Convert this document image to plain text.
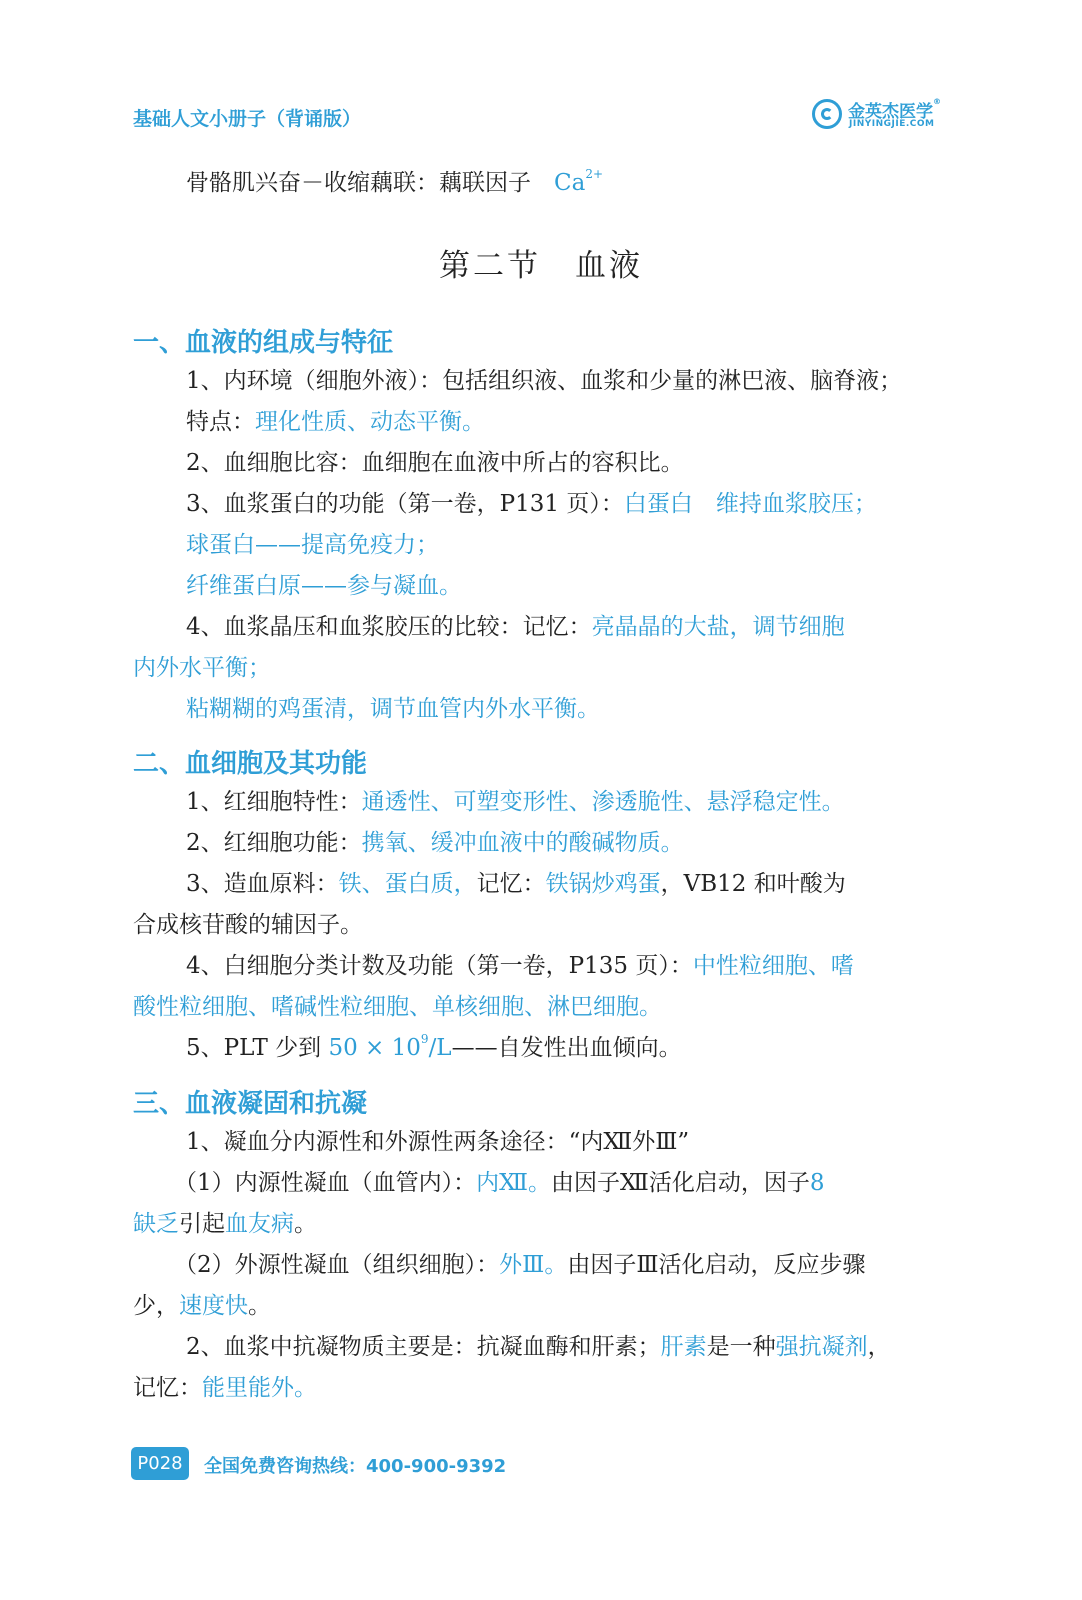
基础人文小册子（背诵版）	金英杰医学®
JINYINGJIE.COM
骨骼肌兴奋－收缩藕联：藕联因子　 $Ca^{2+}$
第二节　血液
一、血液的组成与特征
1、内环境（细胞外液）：包括组织液、血浆和少量的淋巴液、脑脊液；
特点：理化性质、动态平衡。
2、血细胞比容：血细胞在血液中所占的容积比。
3、血浆蛋白的功能（第一卷，P131 页）：白蛋白　维持血浆胶压；
球蛋白——提高免疫力；
纤维蛋白原——参与凝血。
4、血浆晶压和血浆胶压的比较：记忆：亮晶晶的大盐，调节细胞
内外水平衡；
粘糊糊的鸡蛋清，调节血管内外水平衡。
二、血细胞及其功能
1、红细胞特性：通透性、可塑变形性、渗透脆性、悬浮稳定性。
2、红细胞功能：携氧、缓冲血液中的酸碱物质。
3、造血原料：铁、蛋白质，记忆：铁锅炒鸡蛋，VB12 和叶酸为
合成核苷酸的辅因子。
4、白细胞分类计数及功能（第一卷，P135 页）：中性粒细胞、嗜
酸性粒细胞、嗜碱性粒细胞、单核细胞、淋巴细胞。
5、PLT 少到 $50 \times 10^9/L——$自发性出血倾向。
三、血液凝固和抗凝
1、凝血分内源性和外源性两条途径：“内Ⅻ外Ⅲ”
（1）内源性凝血（血管内）：内Ⅻ。由因子Ⅻ活化启动，因子8
缺乏引起血友病。
（2）外源性凝血（组织细胞）：外Ⅲ。由因子Ⅲ活化启动，反应步骤
少，速度快。
2、血浆中抗凝物质主要是：抗凝血酶和肝素；肝素是一种强抗凝剂，
记忆：能里能外。
P028	全国免费咨询热线：400-900-9392
